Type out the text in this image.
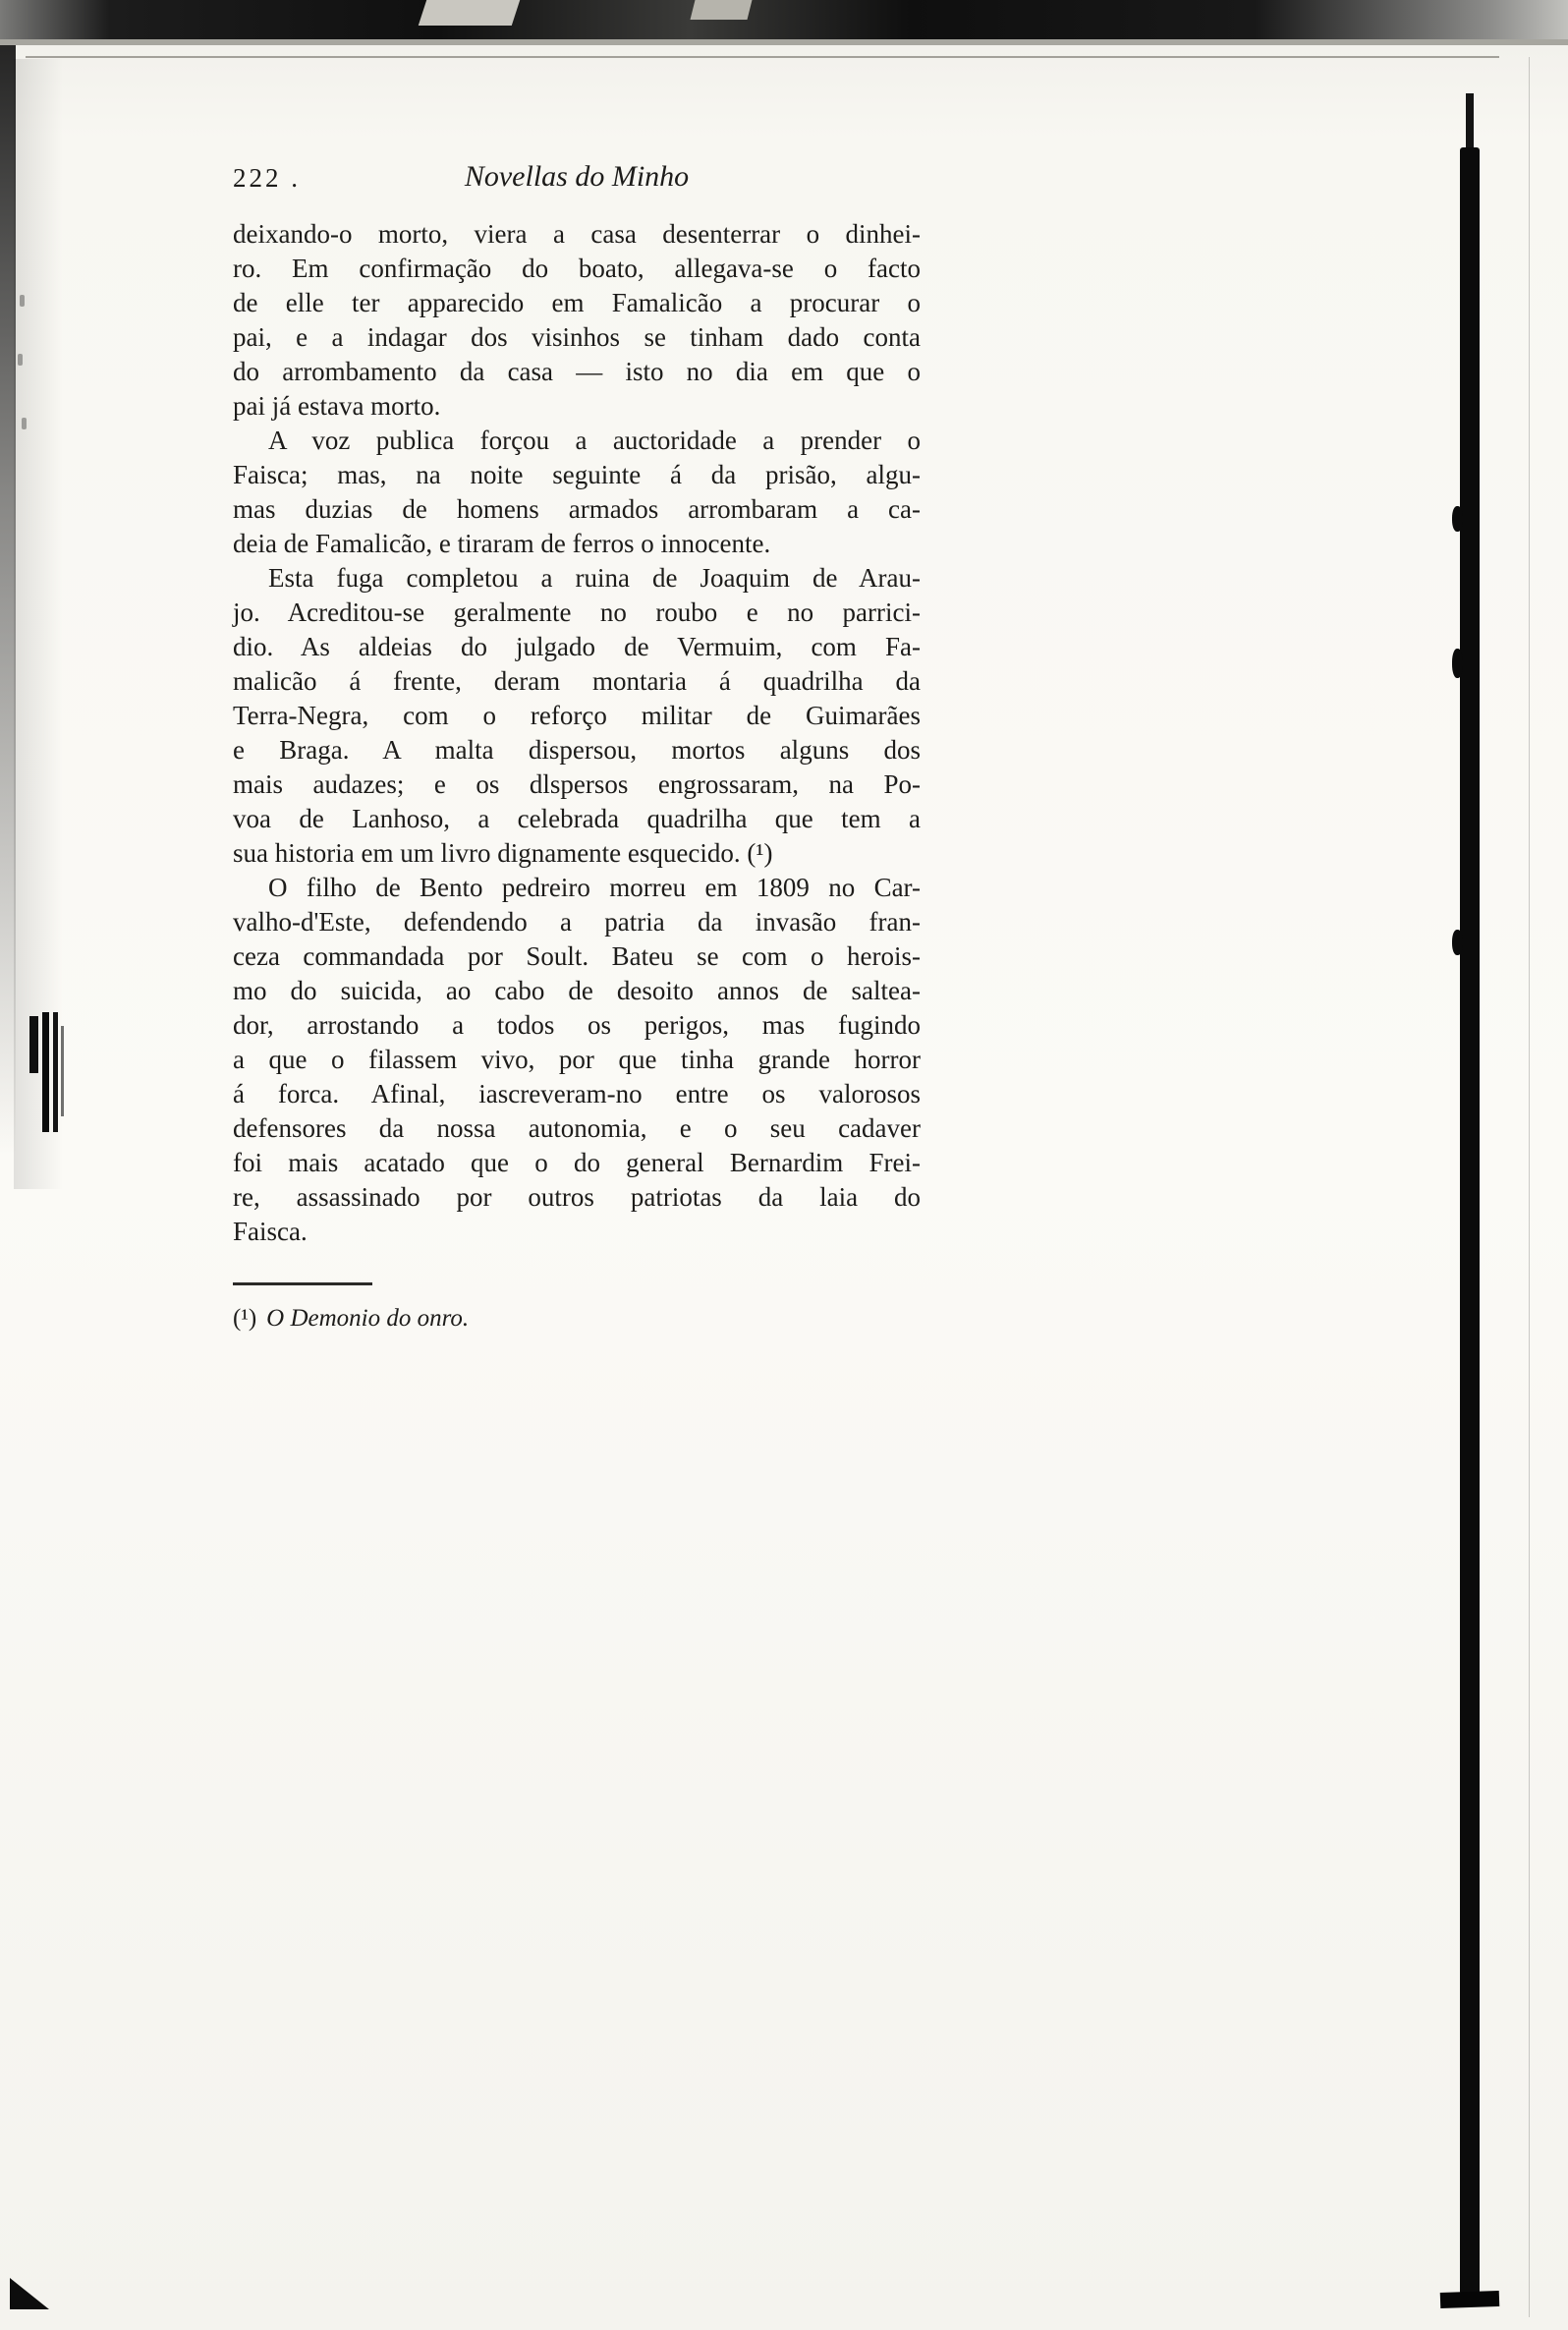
222 .	Novellas do Minho
deixando-o morto, viera a casa desenterrar o dinhei-
ro. Em confirmação do boato, allegava-se o facto
de elle ter apparecido em Famalicão a procurar o
pai, e a indagar dos visinhos se tinham dado conta
do arrombamento da casa — isto no dia em que o
pai já estava morto.
A voz publica forçou a auctoridade a prender o
Faisca; mas, na noite seguinte á da prisão, algu-
mas duzias de homens armados arrombaram a ca-
deia de Famalicão, e tiraram de ferros o innocente.
Esta fuga completou a ruina de Joaquim de Arau-
jo. Acreditou-se geralmente no roubo e no parrici-
dio. As aldeias do julgado de Vermuim, com Fa-
malicão á frente, deram montaria á quadrilha da
Terra-Negra, com o reforço militar de Guimarães
e Braga. A malta dispersou, mortos alguns dos
mais audazes; e os dlspersos engrossaram, na Po-
voa de Lanhoso, a celebrada quadrilha que tem a
sua historia em um livro dignamente esquecido. (¹)
O filho de Bento pedreiro morreu em 1809 no Car-
valho-d'Este, defendendo a patria da invasão fran-
ceza commandada por Soult. Bateu se com o herois-
mo do suicida, ao cabo de desoito annos de saltea-
dor, arrostando a todos os perigos, mas fugindo
a que o filassem vivo, por que tinha grande horror
á forca. Afinal, iascreveram-no entre os valorosos
defensores da nossa autonomia, e o seu cadaver
foi mais acatado que o do general Bernardim Frei-
re, assassinado por outros patriotas da laia do
Faisca.
(¹) O Demonio do onro.
